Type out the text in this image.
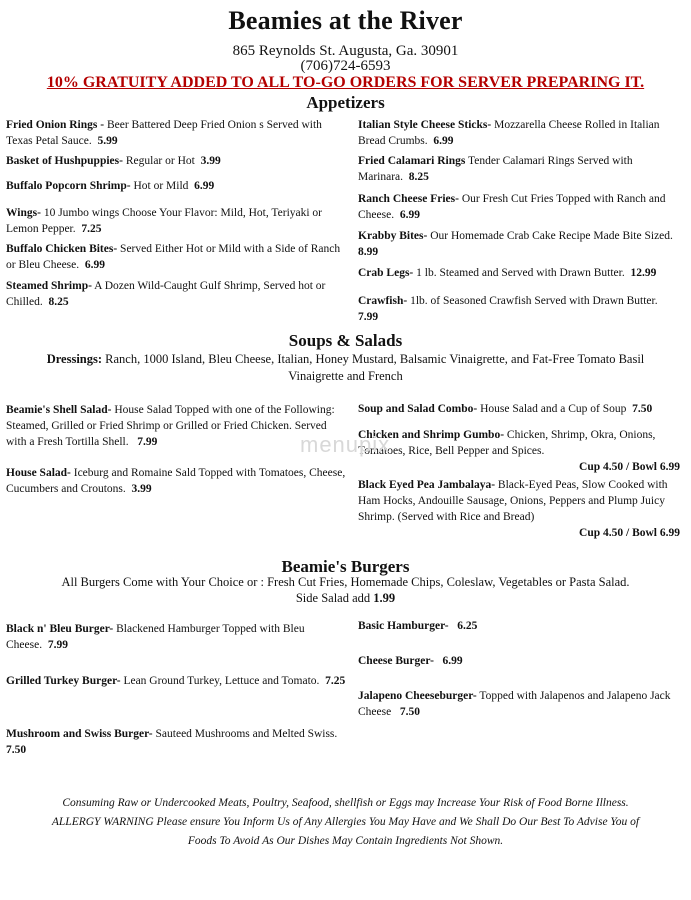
Beamies at the River
865 Reynolds St. Augusta, Ga. 30901
(706)724-6593
10% GRATUITY ADDED TO ALL TO-GO ORDERS FOR SERVER PREPARING IT.
Appetizers
Fried Onion Rings - Beer Battered Deep Fried Onion s Served with Texas Petal Sauce. 5.99
Basket of Hushpuppies- Regular or Hot 3.99
Buffalo Popcorn Shrimp- Hot or Mild 6.99
Wings- 10 Jumbo wings Choose Your Flavor: Mild, Hot, Teriyaki or Lemon Pepper. 7.25
Buffalo Chicken Bites- Served Either Hot or Mild with a Side of Ranch or Bleu Cheese. 6.99
Steamed Shrimp- A Dozen Wild-Caught Gulf Shrimp, Served hot or Chilled. 8.25
Italian Style Cheese Sticks- Mozzarella Cheese Rolled in Italian Bread Crumbs. 6.99
Fried Calamari Rings Tender Calamari Rings Served with Marinara. 8.25
Ranch Cheese Fries- Our Fresh Cut Fries Topped with Ranch and Cheese. 6.99
Krabby Bites- Our Homemade Crab Cake Recipe Made Bite Sized.  8.99
Crab Legs- 1 lb. Steamed and Served with Drawn Butter. 12.99
Crawfish- 1lb. of Seasoned Crawfish Served with Drawn Butter.  7.99
Soups & Salads
Dressings: Ranch, 1000 Island, Bleu Cheese, Italian, Honey Mustard, Balsamic Vinaigrette, and Fat-Free Tomato Basil Vinaigrette and French
Beamie's Shell Salad- House Salad Topped with one of the Following: Steamed, Grilled or Fried Shrimp or Grilled or Fried Chicken. Served with a Fresh Tortilla Shell. 7.99
House Salad- Iceburg and Romaine Sald Topped with Tomatoes, Cheese, Cucumbers and Croutons. 3.99
Soup and Salad Combo- House Salad and a Cup of Soup 7.50
Chicken and Shrimp Gumbo- Chicken, Shrimp, Okra, Onions, Tomatoes, Rice, Bell Pepper and Spices.
Cup 4.50 / Bowl 6.99
Black Eyed Pea Jambalaya- Black-Eyed Peas, Slow Cooked with Ham Hocks, Andouille Sausage, Onions, Peppers and Plump Juicy Shrimp. (Served with Rice and Bread)
Cup 4.50 / Bowl 6.99
menupix
Beamie's Burgers
All Burgers Come with Your Choice or : Fresh Cut Fries, Homemade Chips, Coleslaw, Vegetables or Pasta Salad.
Side Salad add 1.99
Black n' Bleu Burger- Blackened Hamburger Topped with Bleu Cheese. 7.99
Grilled Turkey Burger- Lean Ground Turkey, Lettuce and Tomato. 7.25
Mushroom and Swiss Burger- Sauteed Mushrooms and Melted Swiss.  7.50
Basic Hamburger- 6.25
Cheese Burger- 6.99
Jalapeno Cheeseburger- Topped with Jalapenos and Jalapeno Jack Cheese 7.50
Consuming Raw or Undercooked Meats, Poultry, Seafood, shellfish or Eggs may Increase Your Risk of Food Borne Illness.
ALLERGY WARNING Please ensure You Inform Us of Any Allergies You May Have and We Shall Do Our Best To Advise You of
Foods To Avoid As Our Dishes May Contain Ingredients Not Shown.
